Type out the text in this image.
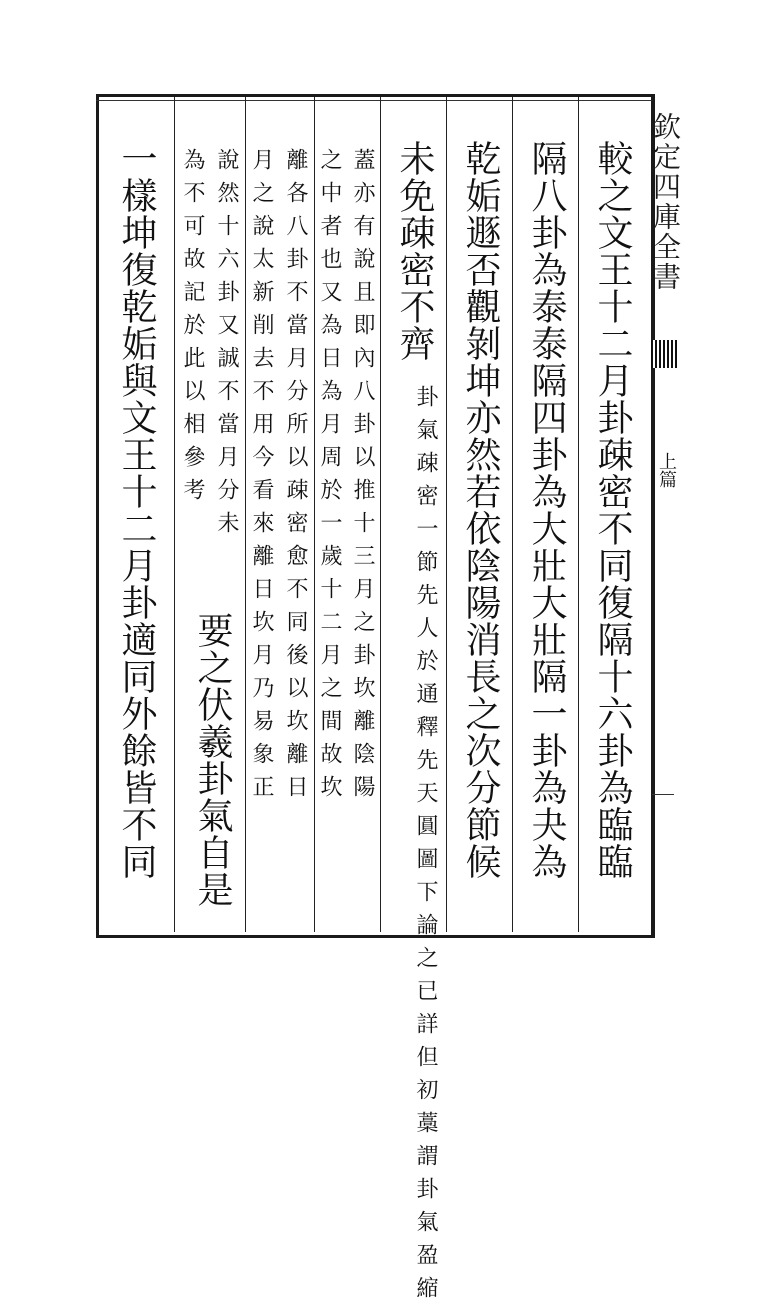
較之文王十二月卦疎密不同復隔十六卦為臨臨
隔八卦為泰泰隔四卦為大壯大壯隔一卦為夬為
乾姤遯否觀剝坤亦然若依陰陽消長之次分節候
未免疎密不齊
卦氣疎密一節先人於通釋先天圓圖下論之已詳但初藁謂卦氣盈縮
蓋亦有說且即內八卦以推十三月之卦坎離陰陽
之中者也又為日為月周於一歲十二月之間故坎
離各八卦不當月分所以疎密愈不同後以坎離日
月之說太新削去不用今看來離日坎月乃易象正
說然十六卦又誠不當月分未
為不可故記於此以相參考
要之伏羲卦氣自是
一樣坤復乾姤與文王十二月卦適同外餘皆不同	欽定四庫全書
上篇
